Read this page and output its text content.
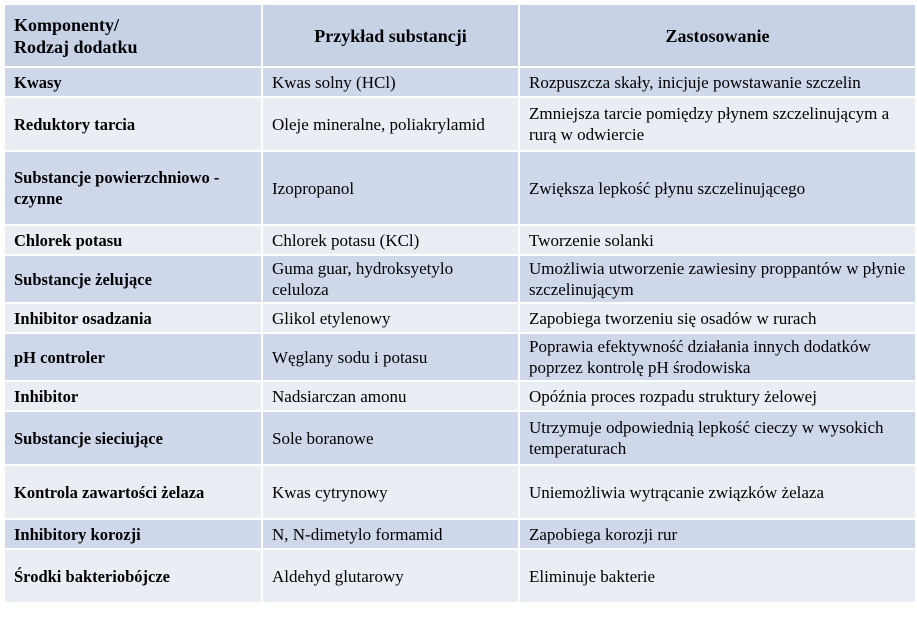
Komponenty/
Rodzaj dodatku	Przykład substancji	Zastosowanie
Kwasy	Kwas solny (HCl)	Rozpuszcza skały, inicjuje powstawanie szczelin
Reduktory tarcia	Oleje mineralne, poliakrylamid	Zmniejsza tarcie pomiędzy płynem szczelinującym a rurą w odwiercie
Substancje powierzchniowo - czynne	Izopropanol	Zwiększa lepkość płynu szczelinującego
Chlorek potasu	Chlorek potasu (KCl)	Tworzenie solanki
Substancje żelujące	Guma guar, hydroksyetylo celuloza	Umożliwia utworzenie zawiesiny proppantów w płynie szczelinującym
Inhibitor osadzania	Glikol etylenowy	Zapobiega tworzeniu się osadów w rurach
pH controler	Węglany sodu i potasu	Poprawia efektywność działania innych dodatków poprzez kontrolę pH środowiska
Inhibitor	Nadsiarczan amonu	Opóźnia proces rozpadu struktury żelowej
Substancje sieciujące	Sole boranowe	Utrzymuje odpowiednią lepkość cieczy w wysokich temperaturach
Kontrola zawartości żelaza	Kwas cytrynowy	Uniemożliwia wytrącanie związków żelaza
Inhibitory korozji	N, N-dimetylo formamid	Zapobiega korozji rur
Środki bakteriobójcze	Aldehyd glutarowy	Eliminuje bakterie
